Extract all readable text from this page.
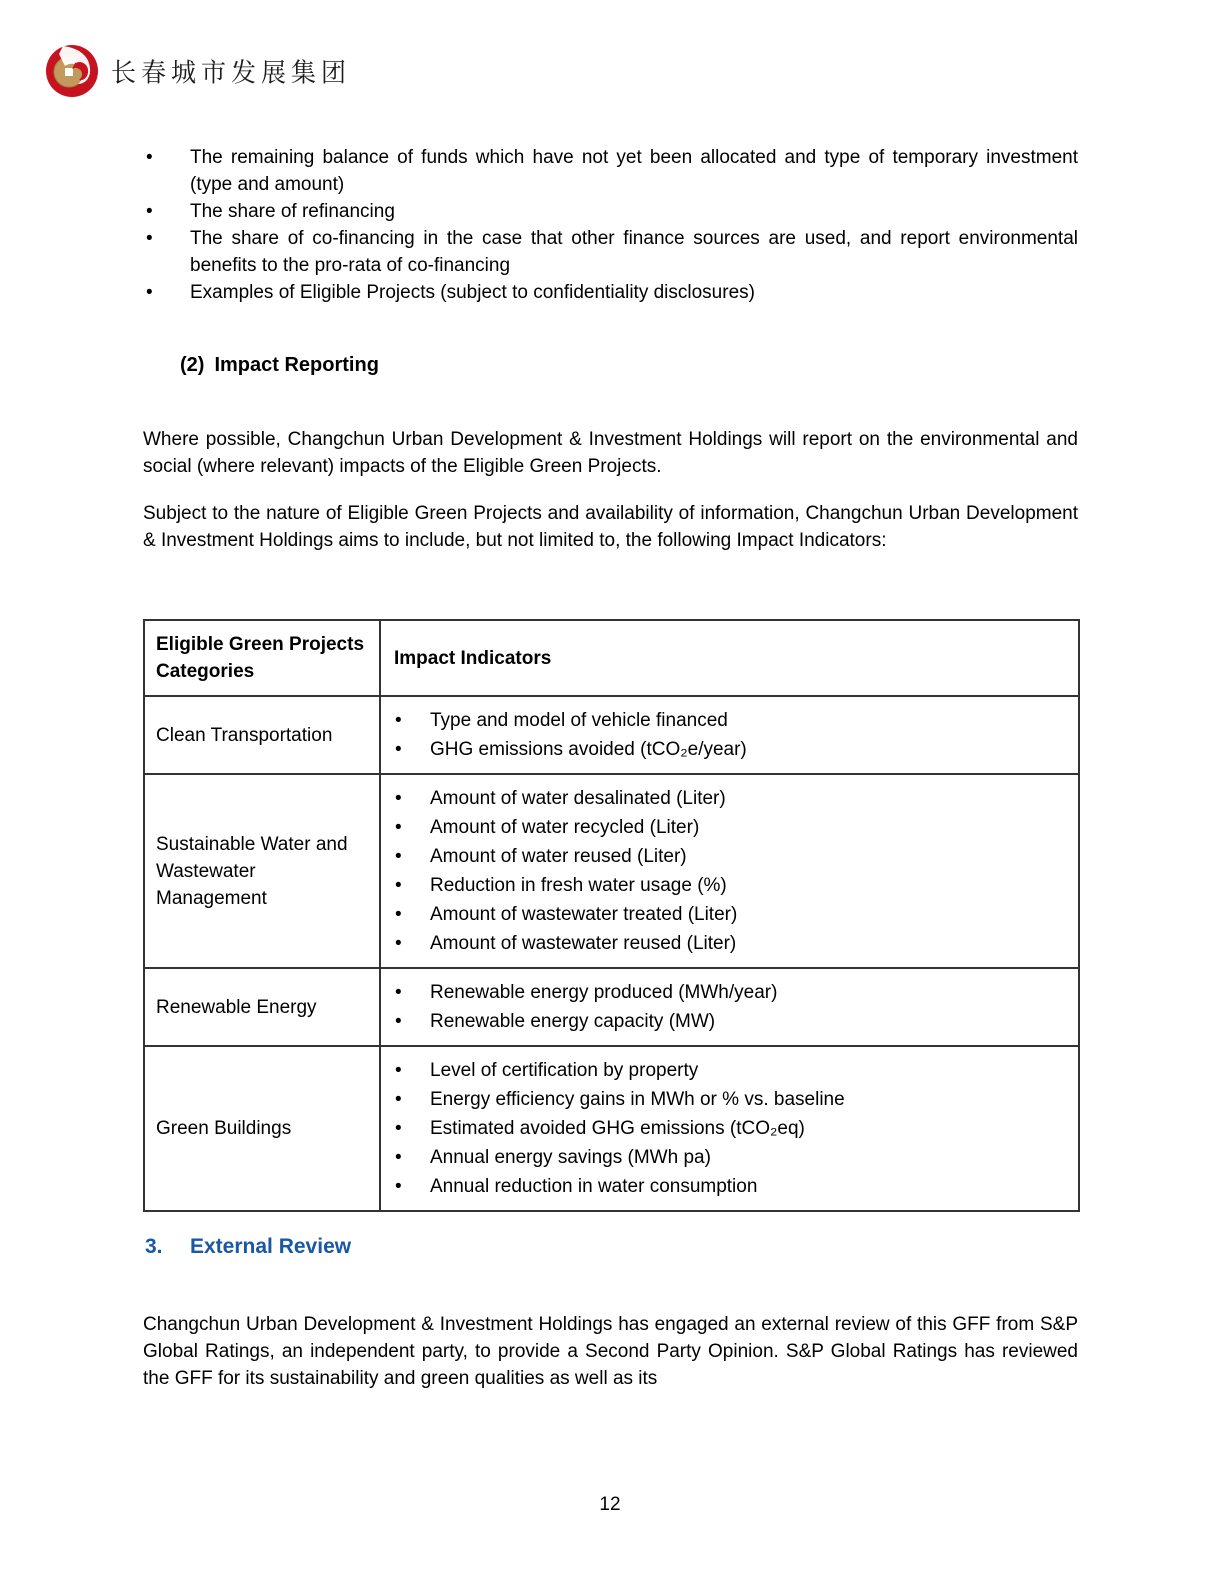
长春城市发展集团
• The remaining balance of funds which have not yet been allocated and type of temporary investment (type and amount)
• The share of refinancing
• The share of co-financing in the case that other finance sources are used, and report environmental benefits to the pro-rata of co-financing
• Examples of Eligible Projects (subject to confidentiality disclosures)
(2) Impact Reporting

Where possible, Changchun Urban Development & Investment Holdings will report on the environmental and social (where relevant) impacts of the Eligible Green Projects.

Subject to the nature of Eligible Green Projects and availability of information, Changchun Urban Development & Investment Holdings aims to include, but not limited to, the following Impact Indicators:

Eligible Green Projects Categories	Impact Indicators
Clean Transportation	
• Type and model of vehicle financed
• GHG emissions avoided (tCO₂e/year)

Sustainable Water and Wastewater Management	
• Amount of water desalinated (Liter)
• Amount of water recycled (Liter)
• Amount of water reused (Liter)
• Reduction in fresh water usage (%)
• Amount of wastewater treated (Liter)
• Amount of wastewater reused (Liter)

Renewable Energy	
• Renewable energy produced (MWh/year)
• Renewable energy capacity (MW)

Green Buildings	
• Level of certification by property
• Energy efficiency gains in MWh or % vs. baseline
• Estimated avoided GHG emissions (tCO₂eq)
• Annual energy savings (MWh pa)
• Annual reduction in water consumption
3. External Review

Changchun Urban Development & Investment Holdings has engaged an external review of this GFF from S&P Global Ratings, an independent party, to provide a Second Party Opinion. S&P Global Ratings has reviewed the GFF for its sustainability and green qualities as well as its

12
